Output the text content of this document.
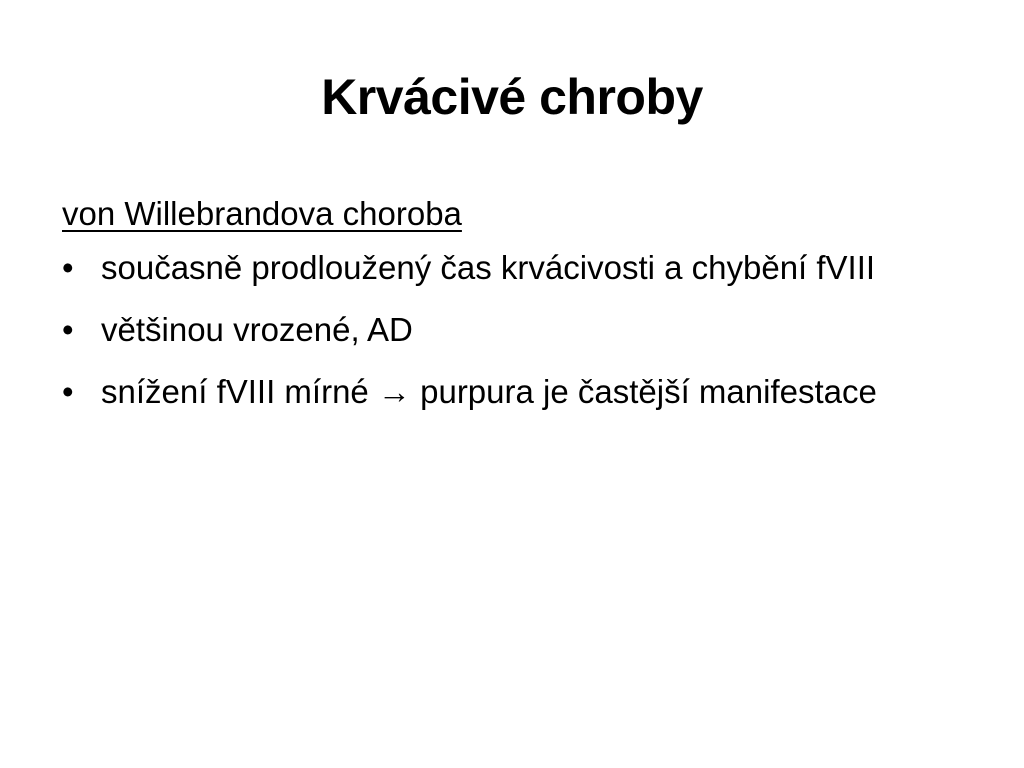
Krvácivé chroby
von Willebrandova choroba
• současně prodloužený čas krvácivosti a chybění fVIII
• většinou vrozené, AD
• snížení fVIII mírné → purpura je častější manifestace
